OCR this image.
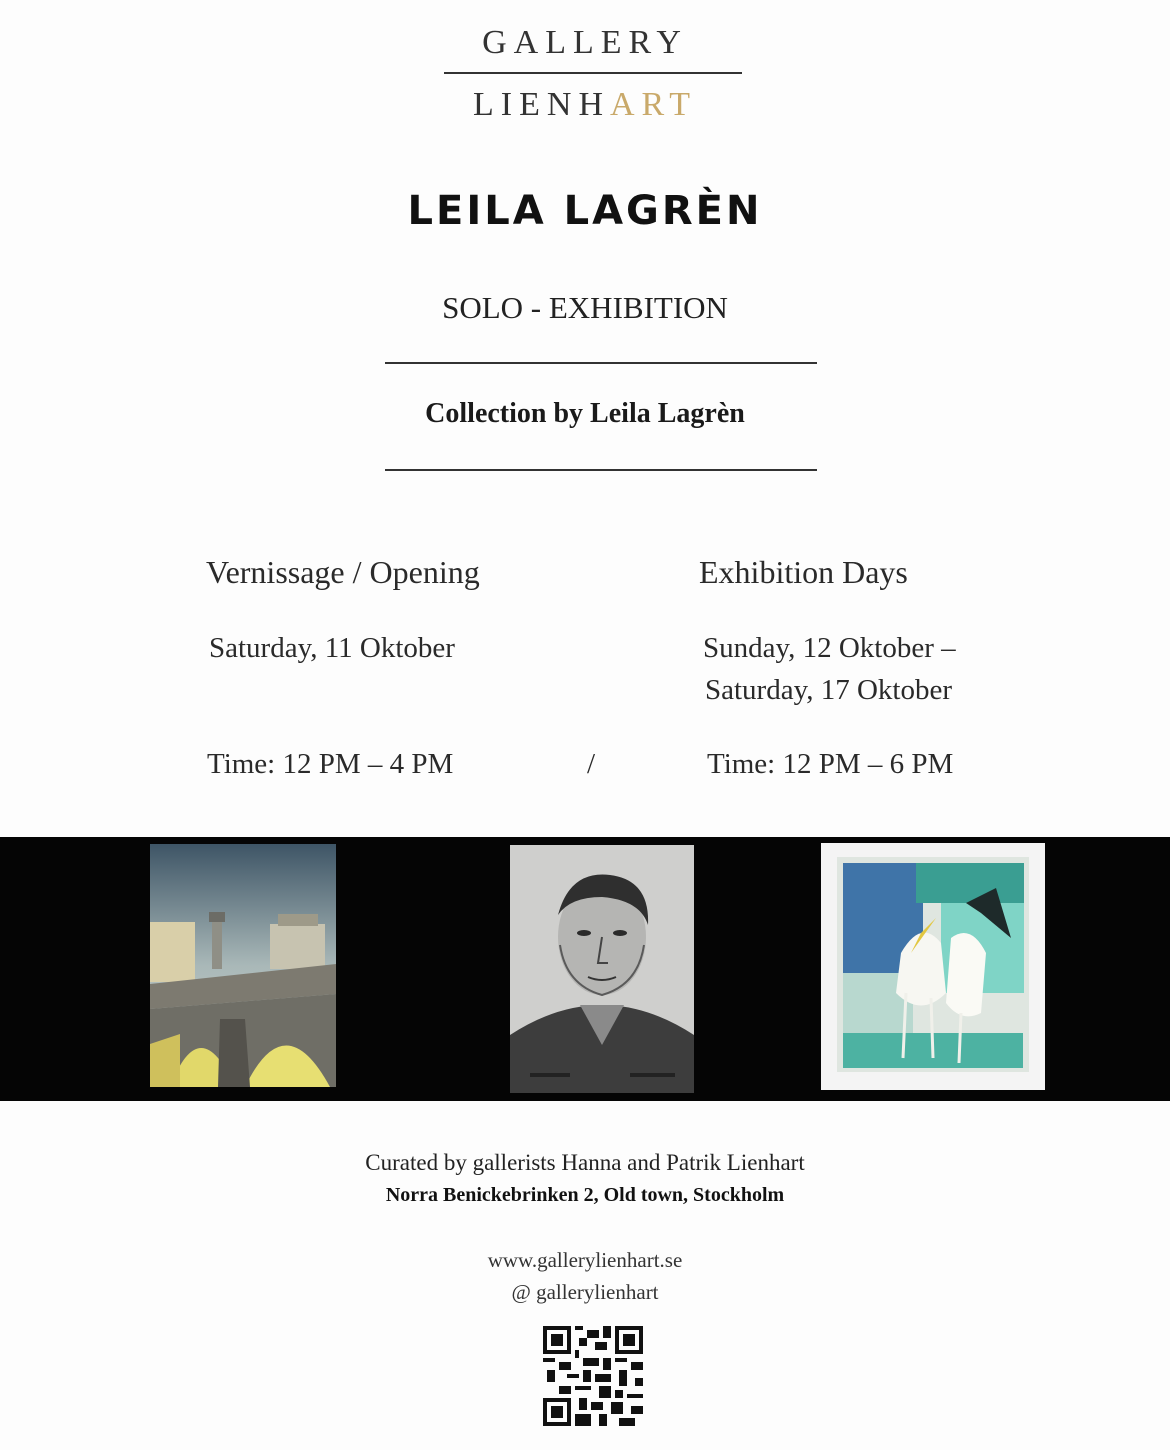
GALLERY
LIENHART
LEILA LAGRÈN
SOLO - EXHIBITION
Collection by Leila Lagrèn
Vernissage / Opening
Saturday, 11 Oktober
Time: 12 PM – 4 PM	/
Exhibition Days
Sunday, 12 Oktober –
Saturday, 17 Oktober
Time: 12 PM – 6 PM
Curated by gallerists Hanna and Patrik Lienhart
Norra Benickebrinken 2, Old town, Stockholm
www.gallerylienhart.se
@ gallerylienhart
